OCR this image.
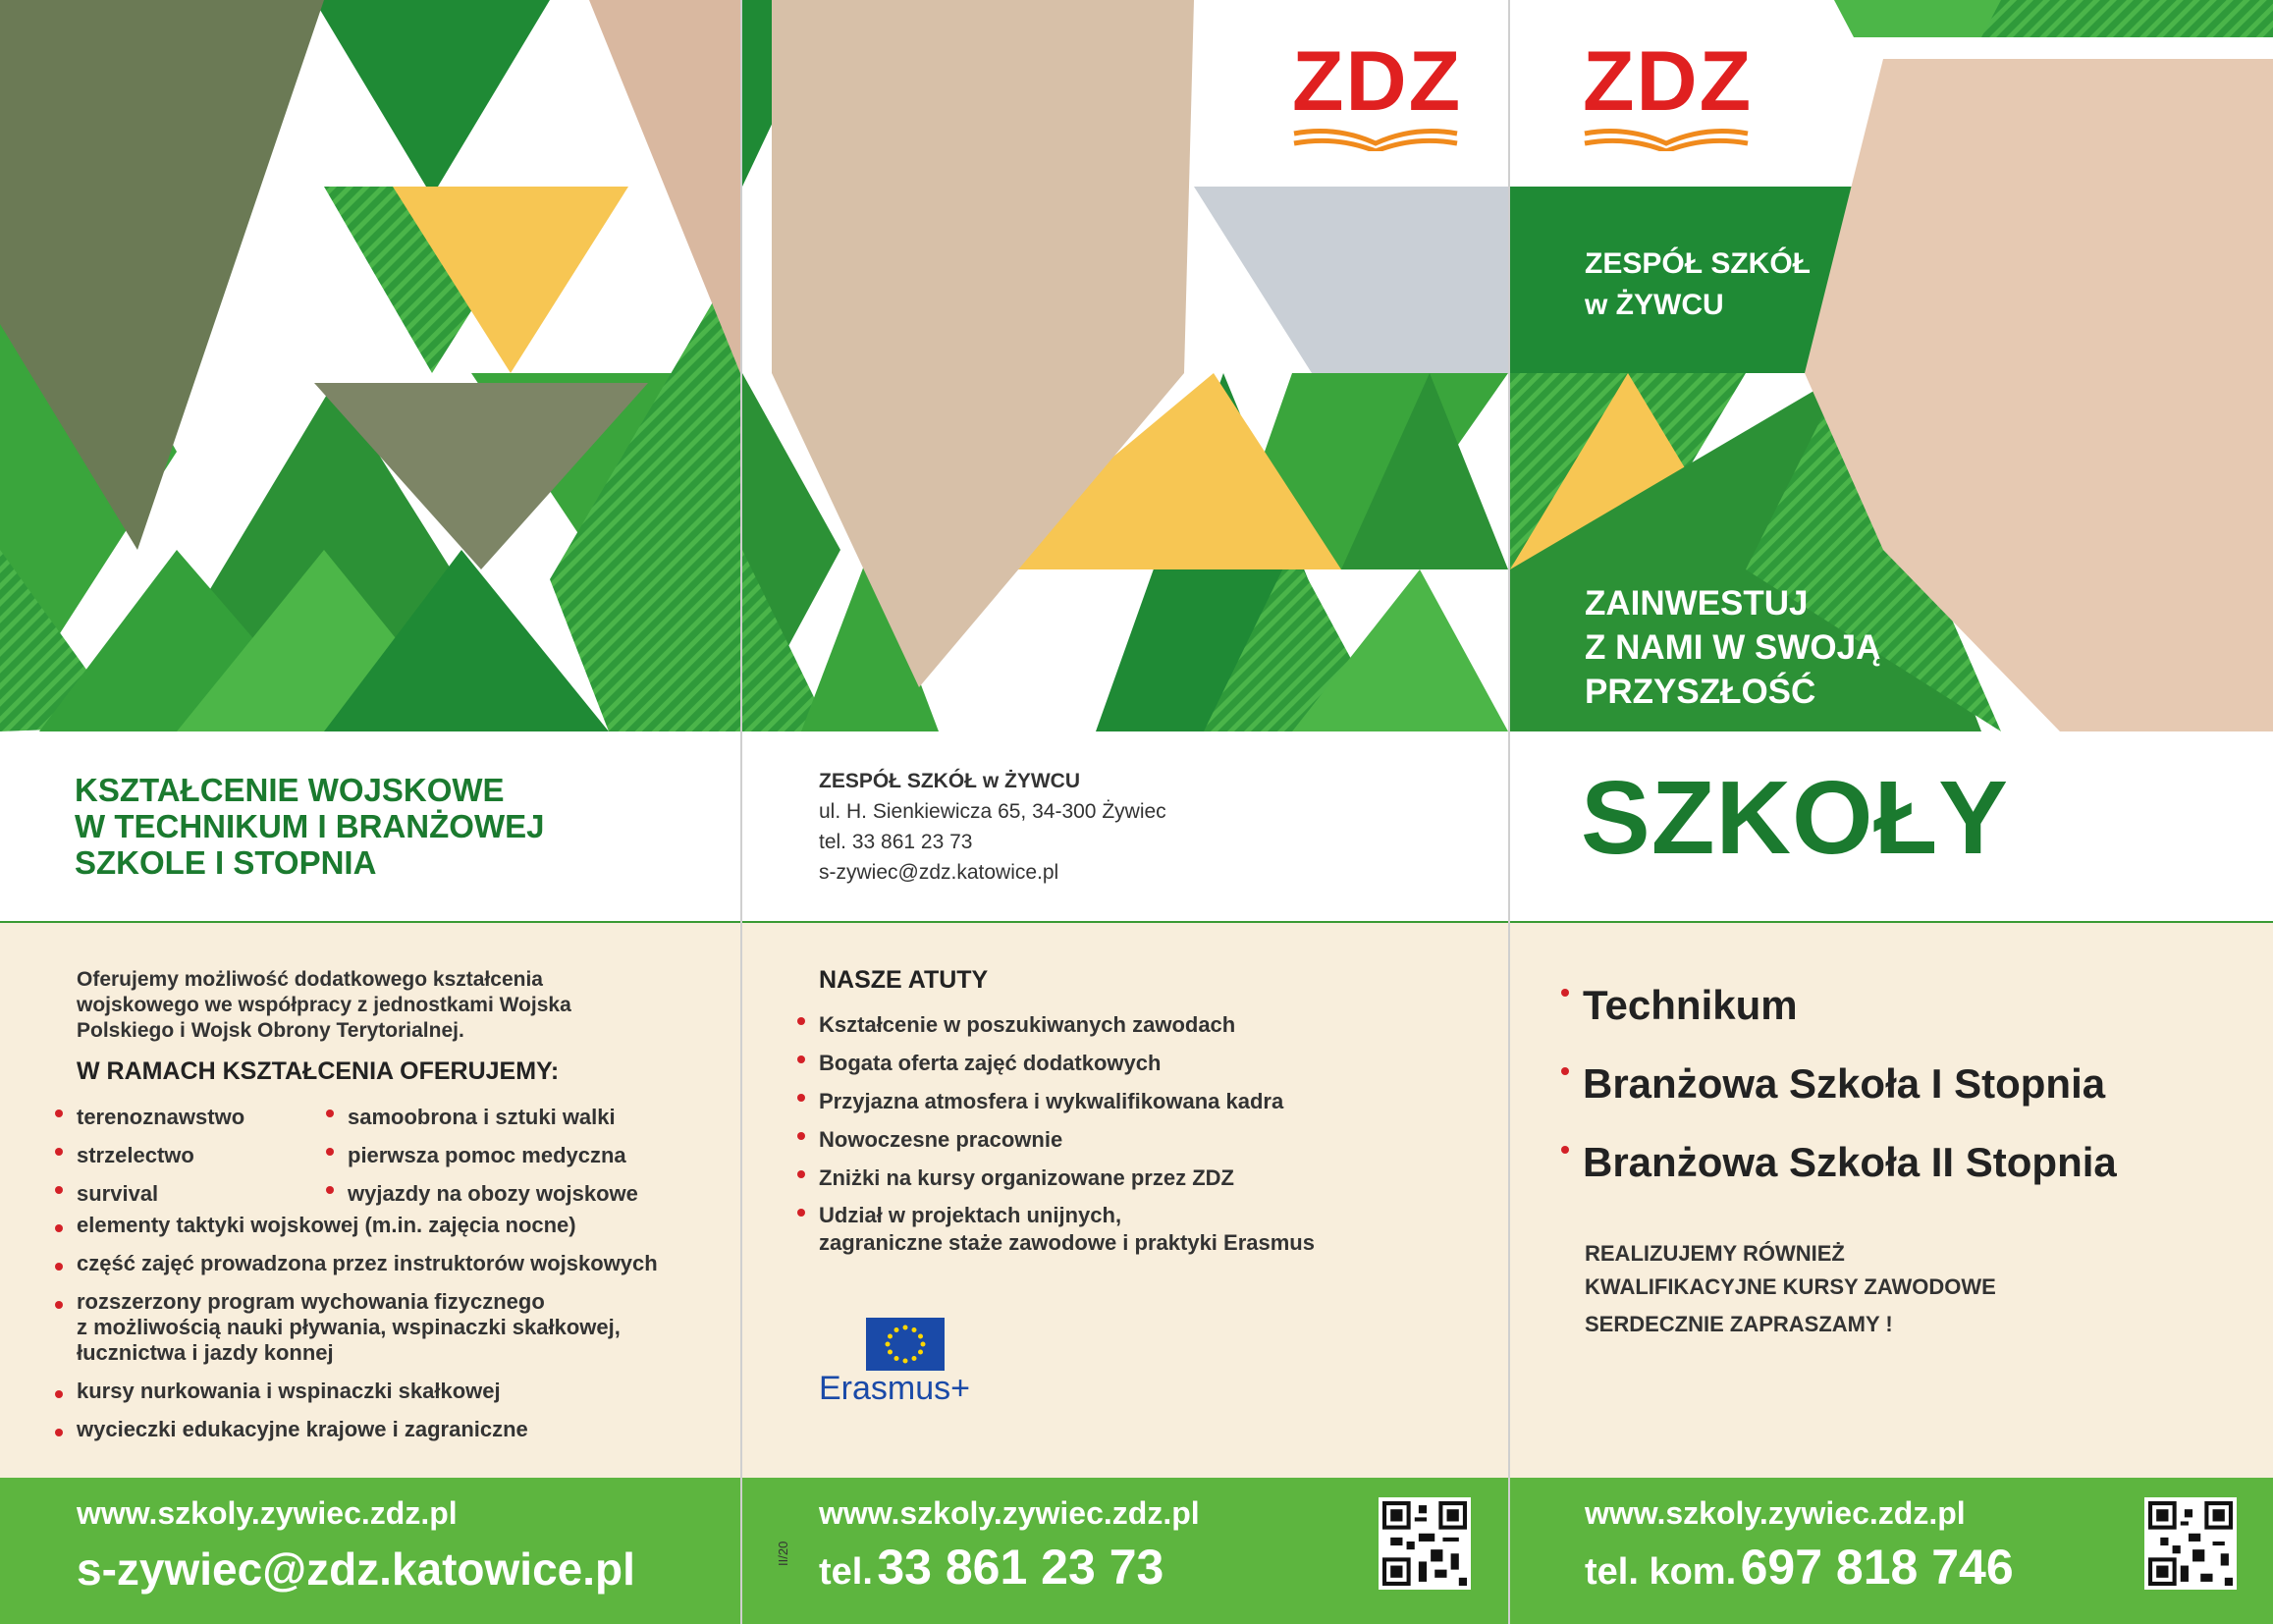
KSZTAŁCENIE WOJSKOWE
W TECHNIKUM I BRANŻOWEJ
SZKOLE I STOPNIA
Oferujemy możliwość dodatkowego kształcenia
wojskowego we współpracy z jednostkami Wojska
Polskiego i Wojsk Obrony Terytorialnej.
W RAMACH KSZTAŁCENIA OFERUJEMY:
terenoznawstwo
strzelectwo
survival
samoobrona i sztuki walki
pierwsza pomoc medyczna
wyjazdy na obozy wojskowe
elementy taktyki wojskowej (m.in. zajęcia nocne)
część zajęć prowadzona przez instruktorów wojskowych
rozszerzony program wychowania fizycznego
z możliwością nauki pływania, wspinaczki skałkowej,
łucznictwa i jazdy konnej
kursy nurkowania i wspinaczki skałkowej
wycieczki edukacyjne krajowe i zagraniczne
www.szkoly.zywiec.zdz.pl
s-zywiec@zdz.katowice.pl
ZDZ
ZESPÓŁ SZKÓŁ w ŻYWCU
ul. H. Sienkiewicza 65, 34-300 Żywiec
tel. 33 861 23 73
s-zywiec@zdz.katowice.pl
NASZE ATUTY
Kształcenie w poszukiwanych zawodach
Bogata oferta zajęć dodatkowych
Przyjazna atmosfera i wykwalifikowana kadra
Nowoczesne pracownie
Zniżki na kursy organizowane przez ZDZ
Udział w projektach unijnych,
zagraniczne staże zawodowe i praktyki Erasmus
Erasmus+
www.szkoly.zywiec.zdz.pl
tel. 33 861 23 73
II/20
ZDZ
ZESPÓŁ SZKÓŁ
w ŻYWCU
ZAINWESTUJ
Z NAMI W SWOJĄ
PRZYSZŁOŚĆ
SZKOŁY
Technikum
Branżowa Szkoła I Stopnia
Branżowa Szkoła II Stopnia
REALIZUJEMY RÓWNIEŻ
KWALIFIKACYJNE KURSY ZAWODOWE
SERDECZNIE ZAPRASZAMY !
www.szkoly.zywiec.zdz.pl
tel. kom. 697 818 746
